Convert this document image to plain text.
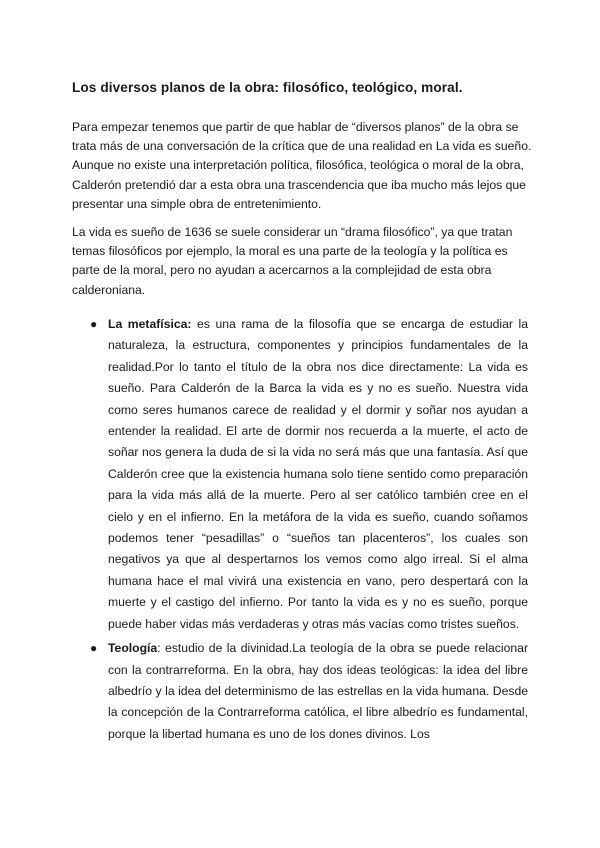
Los diversos planos de la obra: filosófico, teológico, moral.

Para empezar tenemos que partir de que hablar de “diversos planos” de la obra se trata más de una conversación de la crítica que de una realidad en La vida es sueño. Aunque no existe una interpretación política, filosófica, teológica o moral de la obra, Calderón pretendió dar a esta obra una trascendencia que iba mucho más lejos que presentar una simple obra de entretenimiento.

La vida es sueño de 1636 se suele considerar un “drama filosófico”, ya que tratan temas filosóficos por ejemplo, la moral es una parte de la teología y la política es parte de la moral, pero no ayudan a acercarnos a la complejidad de esta obra calderoniana.

● La metafísica: es una rama de la filosofía que se encarga de estudiar la naturaleza, la estructura, componentes y principios fundamentales de la realidad.Por lo tanto el título de la obra nos dice directamente: La vida es sueño. Para Calderón de la Barca la vida es y no es sueño. Nuestra vida como seres humanos carece de realidad y el dormir y soñar nos ayudan a entender la realidad. El arte de dormir nos recuerda a la muerte, el acto de soñar nos genera la duda de si la vida no será más que una fantasía. Así que Calderón cree que la existencia humana solo tiene sentido como preparación para la vida más allá de la muerte. Pero al ser católico también cree en el cielo y en el infierno. En la metáfora de la vida es sueño, cuando soñamos podemos tener “pesadillas” o “sueños tan placenteros”, los cuales son negativos ya que al despertarnos los vemos como algo irreal. Si el alma humana hace el mal vivirá una existencia en vano, pero despertará con la muerte y el castigo del infierno. Por tanto la vida es y no es sueño, porque puede haber vidas más verdaderas y otras más vacías como tristes sueños.
● Teología: estudio de la divinidad.La teología de la obra se puede relacionar con la contrarreforma. En la obra, hay dos ideas teológicas: la idea del libre albedrío y la idea del determinismo de las estrellas en la vida humana. Desde la concepción de la Contrarreforma católica, el libre albedrío es fundamental, porque la libertad humana es uno de los dones divinos. Los
